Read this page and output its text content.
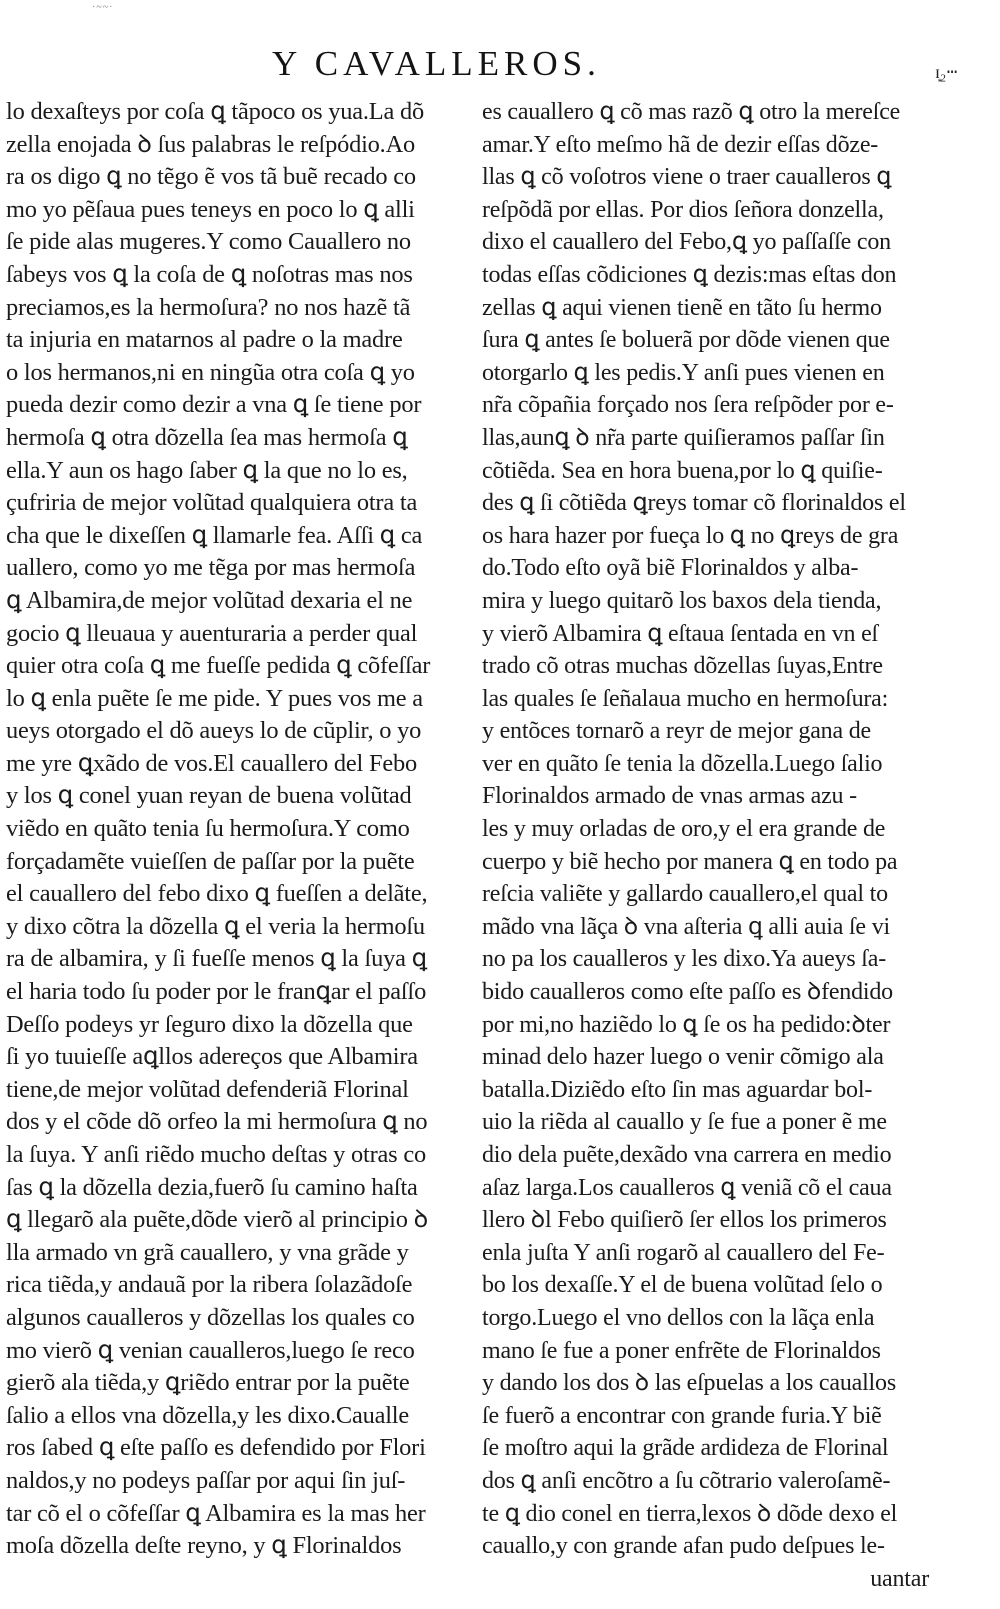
·~~·
Y CAVALLEROS.	ɪ͙₂ⵈ
lo dexaſteys por coſa ꝗ tãpoco os yua.La dõ
zella enojada ꝺ ſus palabras le reſpódio.Ao
ra os digo ꝗ no tẽgo ẽ vos tã buẽ recado co
mo yo pẽſaua pues teneys en poco lo ꝗ alli
ſe pide alas mugeres.Y como Cauallero no
ſabeys vos ꝗ la coſa de ꝗ noſotras mas nos
preciamos,es la hermoſura? no nos hazẽ tã
ta injuria en matarnos al padre o la madre
o los hermanos,ni en ningũa otra coſa ꝗ yo
pueda dezir como dezir a vna ꝗ ſe tiene por
hermoſa ꝗ otra dõzella ſea mas hermoſa ꝗ
ella.Y aun os hago ſaber ꝗ la que no lo es,
çufriria de mejor volũtad qualquiera otra ta
cha que le dixeſſen ꝗ llamarle fea. Aſſi ꝗ ca
uallero, como yo me tẽga por mas hermoſa
ꝗ Albamira,de mejor volũtad dexaria el ne
gocio ꝗ lleuaua y auenturaria a perder qual
quier otra coſa ꝗ me fueſſe pedida ꝗ cõfeſſar
lo ꝗ enla puẽte ſe me pide. Y pues vos me a
ueys otorgado el dõ aueys lo de cũplir, o yo
me yre ꝗxãdo de vos.El cauallero del Febo
y los ꝗ conel yuan reyan de buena volũtad
viẽdo en quãto tenia ſu hermoſura.Y como
forçadamẽte vuieſſen de paſſar por la puẽte
el cauallero del febo dixo ꝗ fueſſen a delãte,
y dixo cõtra la dõzella ꝗ el veria la hermoſu
ra de albamira, y ſi fueſſe menos ꝗ la ſuya ꝗ
el haria todo ſu poder por le franꝗar el paſſo
Deſſo podeys yr ſeguro dixo la dõzella que
ſi yo tuuieſſe aꝗllos adereços que Albamira
tiene,de mejor volũtad defenderiã Florinal
dos y el cõde dõ orfeo la mi hermoſura ꝗ no
la ſuya. Y anſi riẽdo mucho deſtas y otras co
ſas ꝗ la dõzella dezia,fuerõ ſu camino haſta
ꝗ llegarõ ala puẽte,dõde vierõ al principio ꝺ
lla armado vn grã cauallero, y vna grãde y
rica tiẽda,y andauã por la ribera ſolazãdoſe
algunos caualleros y dõzellas los quales co
mo vierõ ꝗ venian caualleros,luego ſe reco
gierõ ala tiẽda,y ꝗriẽdo entrar por la puẽte
ſalio a ellos vna dõzella,y les dixo.Caualle
ros ſabed ꝗ eſte paſſo es defendido por Flori
naldos,y no podeys paſſar por aqui ſin juſ-
tar cõ el o cõfeſſar ꝗ Albamira es la mas her
moſa dõzella deſte reyno, y ꝗ Florinaldos
es cauallero ꝗ cõ mas razõ ꝗ otro la mereſce
amar.Y eſto meſmo hã de dezir eſſas dõze-
llas ꝗ cõ voſotros viene o traer caualleros ꝗ
reſpõdã por ellas. Por dios ſeñora donzella,
dixo el cauallero del Febo,ꝗ yo paſſaſſe con
todas eſſas cõdiciones ꝗ dezis:mas eſtas don
zellas ꝗ aqui vienen tienẽ en tãto ſu hermo
ſura ꝗ antes ſe boluerã por dõde vienen que
otorgarlo ꝗ les pedis.Y anſi pues vienen en
nr̃a cõpañia forçado nos ſera reſpõder por e-
llas,aunꝗ ꝺ nr̃a parte quiſieramos paſſar ſin
cõtiẽda. Sea en hora buena,por lo ꝗ quiſie-
des ꝗ ſi cõtiẽda ꝗreys tomar cõ florinaldos el
os hara hazer por fueça lo ꝗ no ꝗreys de gra
do.Todo eſto oyã biẽ Florinaldos y alba-
mira y luego quitarõ los baxos dela tienda,
y vierõ Albamira ꝗ eſtaua ſentada en vn eſ
trado cõ otras muchas dõzellas ſuyas,Entre
las quales ſe ſeñalaua mucho en hermoſura:
y entõces tornarõ a reyr de mejor gana de
ver en quãto ſe tenia la dõzella.Luego ſalio
Florinaldos armado de vnas armas azu -
les y muy orladas de oro,y el era grande de
cuerpo y biẽ hecho por manera ꝗ en todo pa
reſcia valiẽte y gallardo cauallero,el qual to
mãdo vna lãça ꝺ vna aſteria ꝗ alli auia ſe vi
no pa los caualleros y les dixo.Ya aueys ſa-
bido caualleros como eſte paſſo es ꝺfendido
por mi,no haziẽdo lo ꝗ ſe os ha pedido:ꝺter
minad delo hazer luego o venir cõmigo ala
batalla.Diziẽdo eſto ſin mas aguardar bol-
uio la riẽda al cauallo y ſe fue a poner ẽ me
dio dela puẽte,dexãdo vna carrera en medio
aſaz larga.Los caualleros ꝗ veniã cõ el caua
llero ꝺl Febo quiſierõ ſer ellos los primeros
enla juſta Y anſi rogarõ al cauallero del Fe-
bo los dexaſſe.Y el de buena volũtad ſelo o
torgo.Luego el vno dellos con la lãça enla
mano ſe fue a poner enfrẽte de Florinaldos
y dando los dos ꝺ las eſpuelas a los cauallos
ſe fuerõ a encontrar con grande furia.Y biẽ
ſe moſtro aqui la grãde ardideza de Florinal
dos ꝗ anſi encõtro a ſu cõtrario valeroſamẽ-
te ꝗ dio conel en tierra,lexos ꝺ dõde dexo el
cauallo,y con grande afan pudo deſpues le-
uantar
